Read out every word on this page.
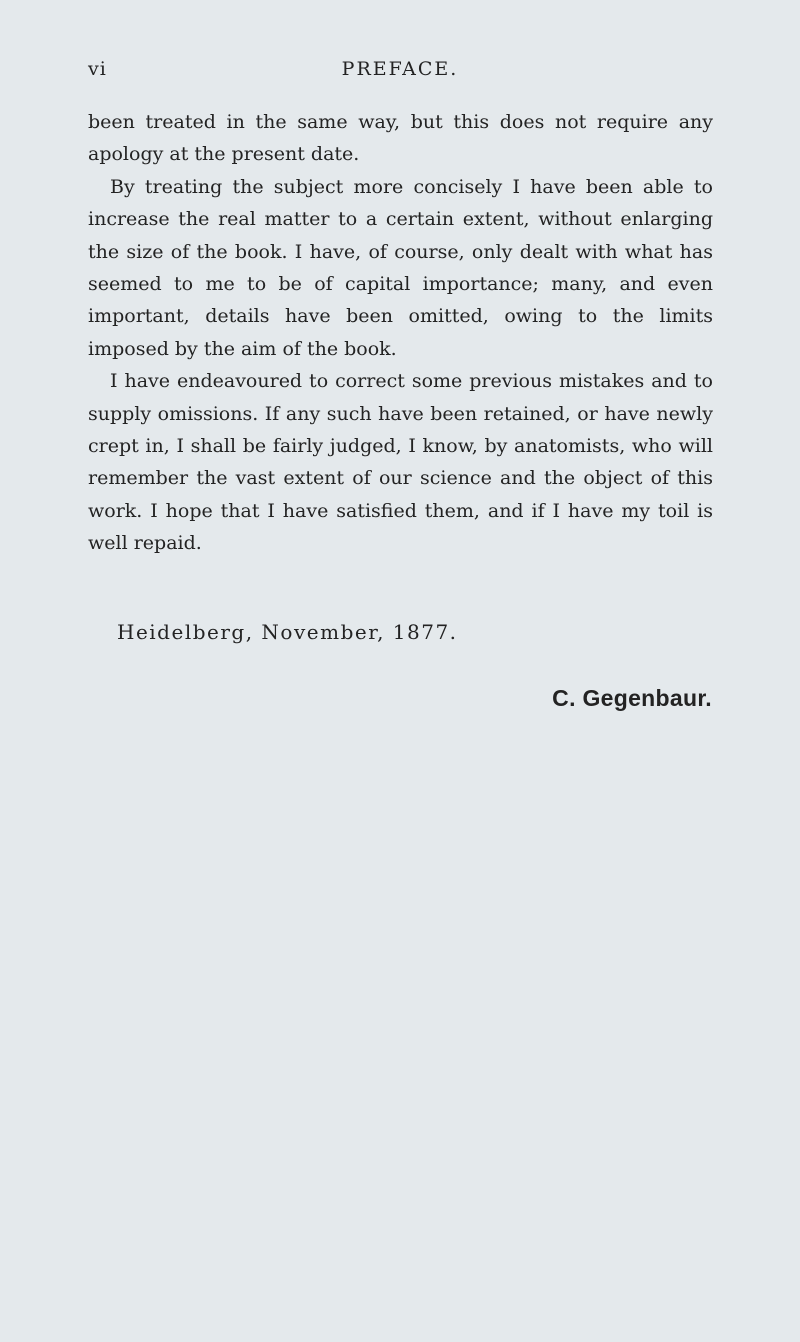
vi	PREFACE.

been treated in the same way, but this does not require any apology at the present date.

By treating the subject more concisely I have been able to increase the real matter to a certain extent, without enlarging the size of the book. I have, of course, only dealt with what has seemed to me to be of capital importance; many, and even important, details have been omitted, owing to the limits imposed by the aim of the book.

I have endeavoured to correct some previous mistakes and to supply omissions. If any such have been retained, or have newly crept in, I shall be fairly judged, I know, by anatomists, who will remember the vast extent of our science and the object of this work. I hope that I have satisfied them, and if I have my toil is well repaid.

Heidelberg, November, 1877.
C. Gegenbaur.
